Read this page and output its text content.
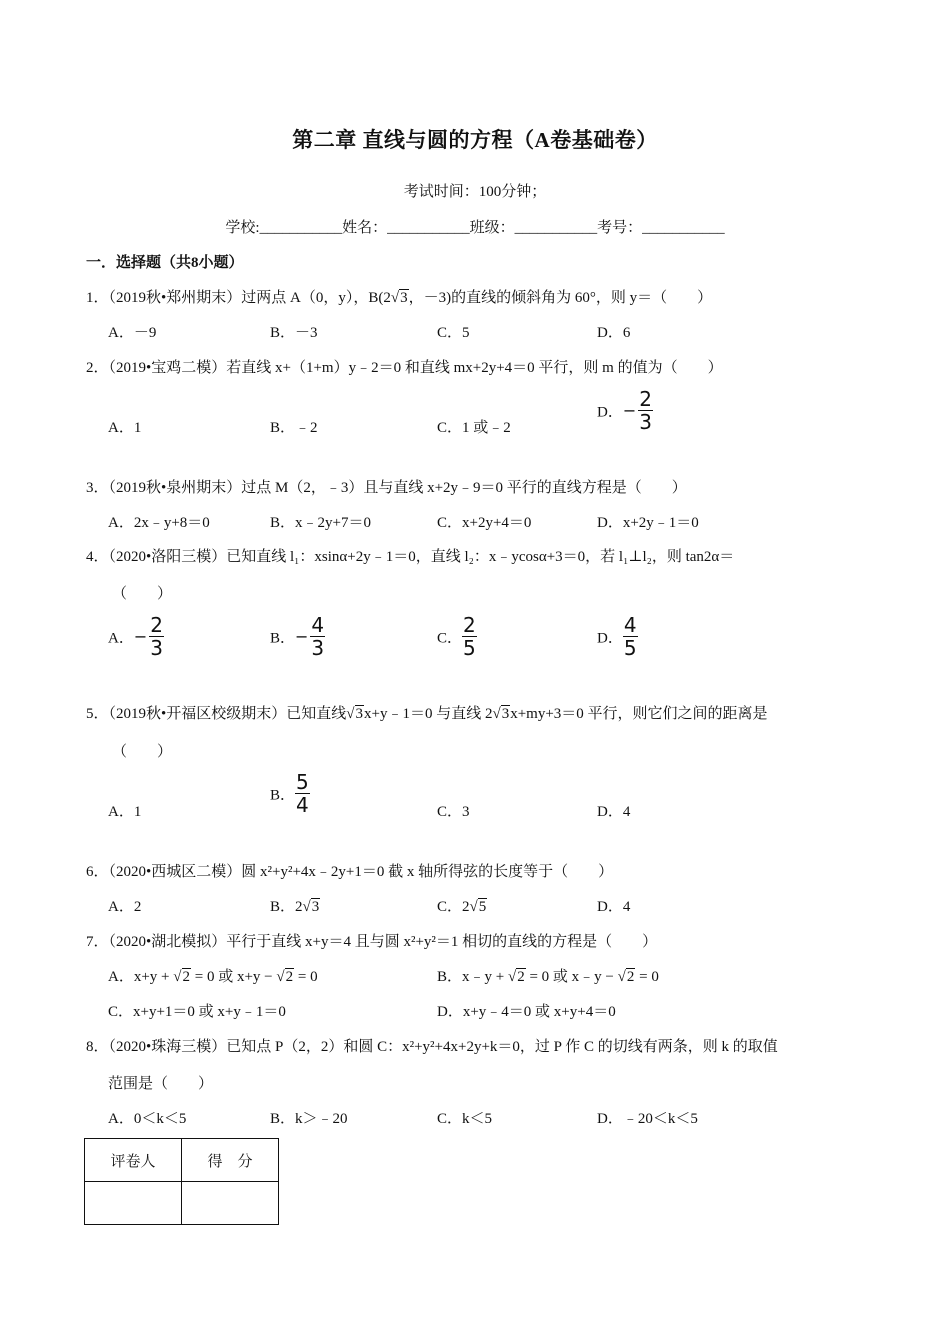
第二章 直线与圆的方程（A卷基础卷）
考试时间：100分钟；
学校:___________姓名：___________班级：___________考号：___________
一．选择题（共8小题）
1．（2019秋•郑州期末）过两点 A（0，y），B(2√3，－3)的直线的倾斜角为 60°，则 y＝（　　）
A．－9	B．－3	C．5	D．6
2．（2019•宝鸡二模）若直线 x+（1+m）y﹣2＝0 和直线 mx+2y+4＝0 平行，则 m 的值为（　　）
A．1	B．﹣2	C．1 或﹣2
D．− $\frac{2}{3}$
3．（2019秋•泉州期末）过点 M（2，﹣3）且与直线 x+2y﹣9＝0 平行的直线方程是（　　）
A．2x﹣y+8＝0	B．x﹣2y+7＝0	C．x+2y+4＝0	D．x+2y﹣1＝0
4．（2020•洛阳三模）已知直线 l₁：xsinα+2y﹣1＝0，直线 l₂：x﹣ycosα+3＝0，若 l₁⊥l₂，则 tan2α＝
（　　）
A．− $\frac{2}{3}$	B．− $\frac{4}{3}$	C． $\frac{2}{5}$	D． $\frac{4}{5}$
5．（2019秋•开福区校级期末）已知直线√3x+y﹣1＝0 与直线 2√3x+my+3＝0 平行，则它们之间的距离是
（　　）
A．1
B． $\frac{5}{4}$	C．3	D．4
6．（2020•西城区二模）圆 x²+y²+4x﹣2y+1＝0 截 x 轴所得弦的长度等于（　　）
A．2	B．2√3	C．2√5	D．4
7．（2020•湖北模拟）平行于直线 x+y＝4 且与圆 x²+y²＝1 相切的直线的方程是（　　）
A．x+y + √2 = 0 或 x+y − √2 = 0	B．x﹣y + √2 = 0 或 x﹣y − √2 = 0
C．x+y+1＝0 或 x+y﹣1＝0	D．x+y﹣4＝0 或 x+y+4＝0
8．（2020•珠海三模）已知点 P（2，2）和圆 C：x²+y²+4x+2y+k＝0，过 P 作 C 的切线有两条，则 k 的取值
范围是（　　）
A．0＜k＜5	B．k＞﹣20	C．k＜5	D．﹣20＜k＜5
评卷人	得　分
